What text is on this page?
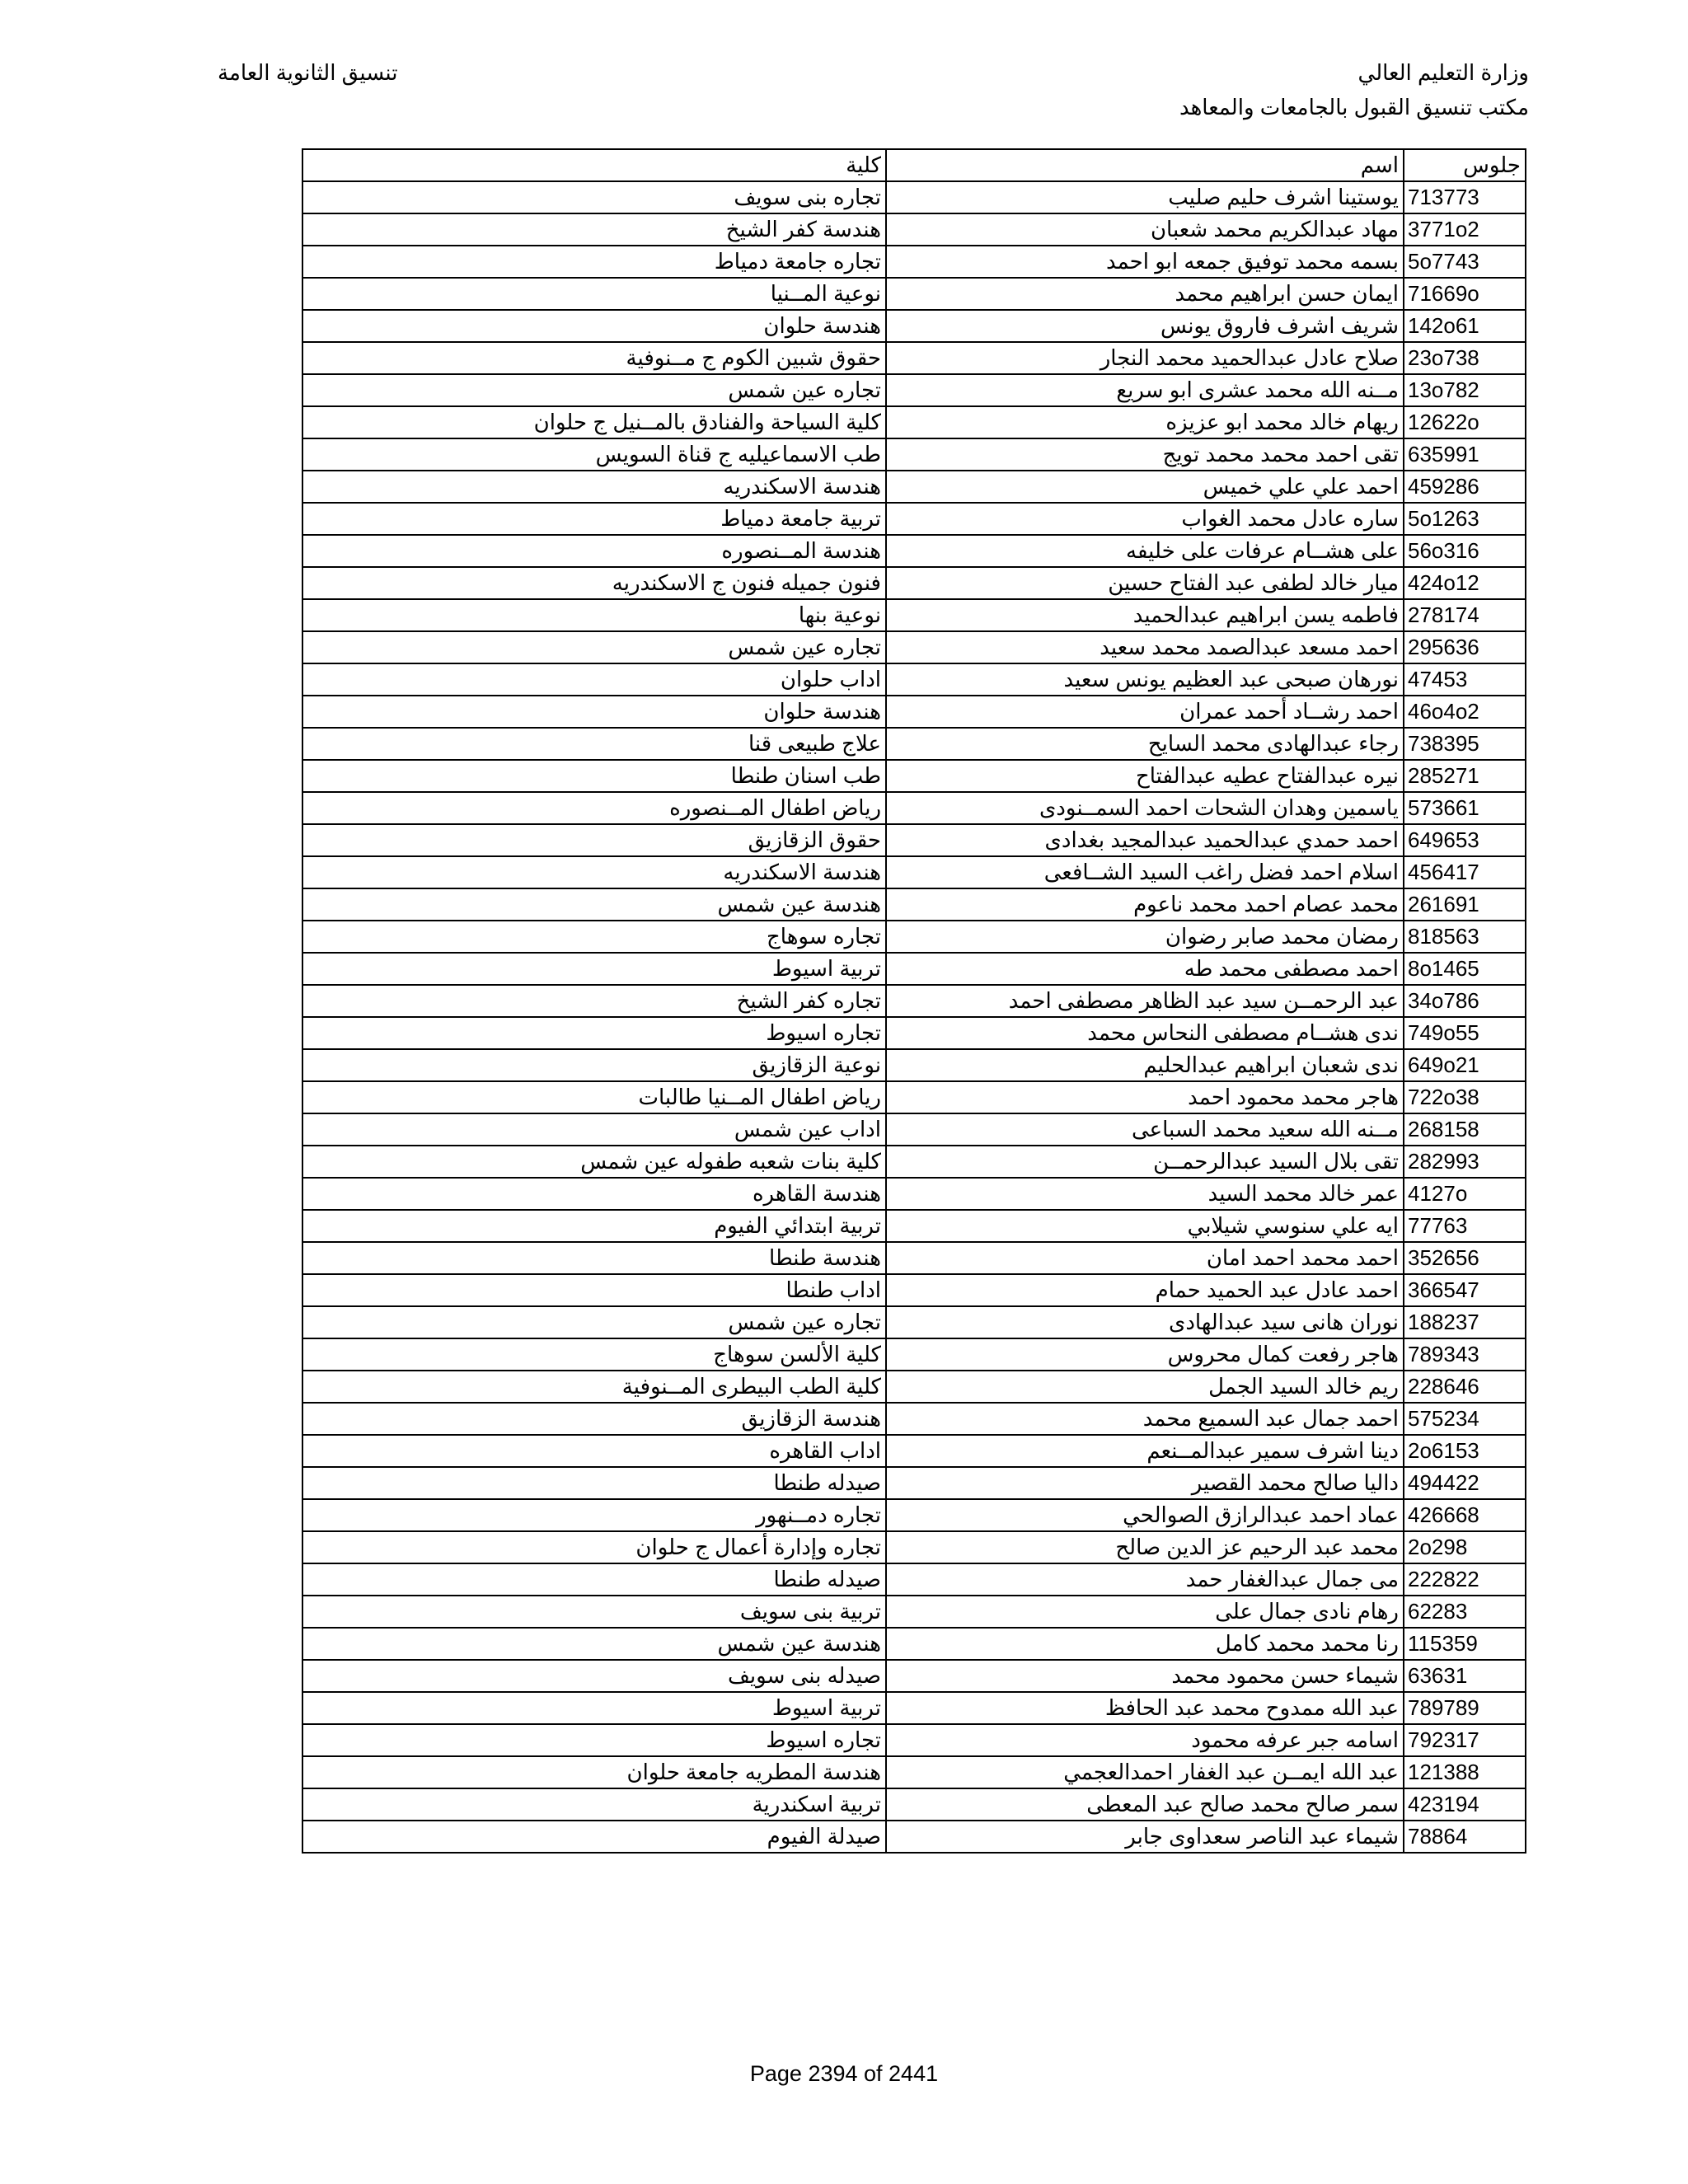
وزارة التعليم العالي
مكتب تنسيق القبول بالجامعات والمعاهد
تنسيق الثانوية العامة
جلوس	اسم	كلية
713773	يوستينا اشرف حليم صليب	تجاره بنى سويف
3771o2	مهاد عبدالكريم محمد شعبان	هندسة كفر الشيخ
5o7743	بسمه محمد توفيق جمعه ابو احمد	تجاره جامعة دمياط
71669o	ايمان حسن ابراهيم محمد	نوعية المــنيا
142o61	شريف اشرف فاروق يونس	هندسة حلوان
23o738	صلاح عادل عبدالحميد محمد النجار	حقوق شبين الكوم ج مــنوفية
13o782	مــنه الله محمد عشرى ابو سريع	تجاره عين شمس
12622o	ريهام خالد محمد ابو عزيزه	كلية السياحة والفنادق بالمــنيل ج حلوان
635991	تقى احمد محمد محمد تويج	طب الاسماعيليه ج قناة السويس
459286	احمد علي علي خميس	هندسة الاسكندريه
5o1263	ساره عادل محمد الغواب	تربية جامعة دمياط
56o316	على هشــام عرفات على خليفه	هندسة المــنصوره
424o12	ميار خالد لطفى عبد الفتاح حسين	فنون جميله فنون ج الاسكندريه
278174	فاطمه يسن ابراهيم عبدالحميد	نوعية بنها
295636	احمد مسعد عبدالصمد محمد سعيد	تجاره عين شمس
47453	نورهان صبحى عبد العظيم يونس سعيد	اداب حلوان
46o4o2	احمد رشــاد أحمد عمران	هندسة حلوان
738395	رجاء عبدالهادى محمد السايح	علاج طبيعى قنا
285271	نيره عبدالفتاح عطيه عبدالفتاح	طب اسنان طنطا
573661	ياسمين وهدان الشحات احمد السمــنودى	رياض اطفال المــنصوره
649653	احمد حمدي عبدالحميد عبدالمجيد بغدادى	حقوق الزقازيق
456417	اسلام احمد فضل راغب السيد الشــافعى	هندسة الاسكندريه
261691	محمد عصام احمد محمد ناعوم	هندسة عين شمس
818563	رمضان محمد صابر رضوان	تجاره سوهاج
8o1465	احمد مصطفى محمد طه	تربية اسيوط
34o786	عبد الرحمــن سيد عبد الظاهر مصطفى احمد	تجاره كفر الشيخ
749o55	ندى هشــام مصطفى النحاس محمد	تجاره اسيوط
649o21	ندى شعبان ابراهيم عبدالحليم	نوعية الزقازيق
722o38	هاجر محمد محمود احمد	رياض اطفال المــنيا طالبات
268158	مــنه الله سعيد محمد السباعى	اداب عين شمس
282993	تقى بلال السيد عبدالرحمــن	كلية بنات شعبه طفوله عين شمس
4127o	عمر خالد محمد السيد	هندسة القاهره
77763	ايه علي سنوسي شيلابي	تربية ابتدائي الفيوم
352656	احمد محمد احمد امان	هندسة طنطا
366547	احمد عادل عبد الحميد حمام	اداب طنطا
188237	نوران هانى سيد عبدالهادى	تجاره عين شمس
789343	هاجر رفعت كمال محروس	كلية الألسن سوهاج
228646	ريم خالد السيد الجمل	كلية الطب البيطرى المــنوفية
575234	احمد جمال عبد السميع محمد	هندسة الزقازيق
2o6153	دينا اشرف سمير عبدالمــنعم	اداب القاهره
494422	داليا صالح محمد القصير	صيدله طنطا
426668	عماد احمد عبدالرازق الصوالحي	تجاره دمــنهور
2o298	محمد عبد الرحيم عز الدين صالح	تجاره وإدارة أعمال ج حلوان
222822	مى جمال عبدالغفار حمد	صيدله طنطا
62283	رهام نادى جمال على	تربية بنى سويف
115359	رنا محمد محمد كامل	هندسة عين شمس
63631	شيماء حسن محمود محمد	صيدله بنى سويف
789789	عبد الله ممدوح محمد عبد الحافظ	تربية اسيوط
792317	اسامه جبر عرفه محمود	تجاره اسيوط
121388	عبد الله ايمــن عبد الغفار احمدالعجمي	هندسة المطريه جامعة حلوان
423194	سمر صالح محمد صالح عبد المعطى	تربية اسكندرية
78864	شيماء عبد الناصر سعداوى جابر	صيدلة الفيوم
Page 2394 of 2441
